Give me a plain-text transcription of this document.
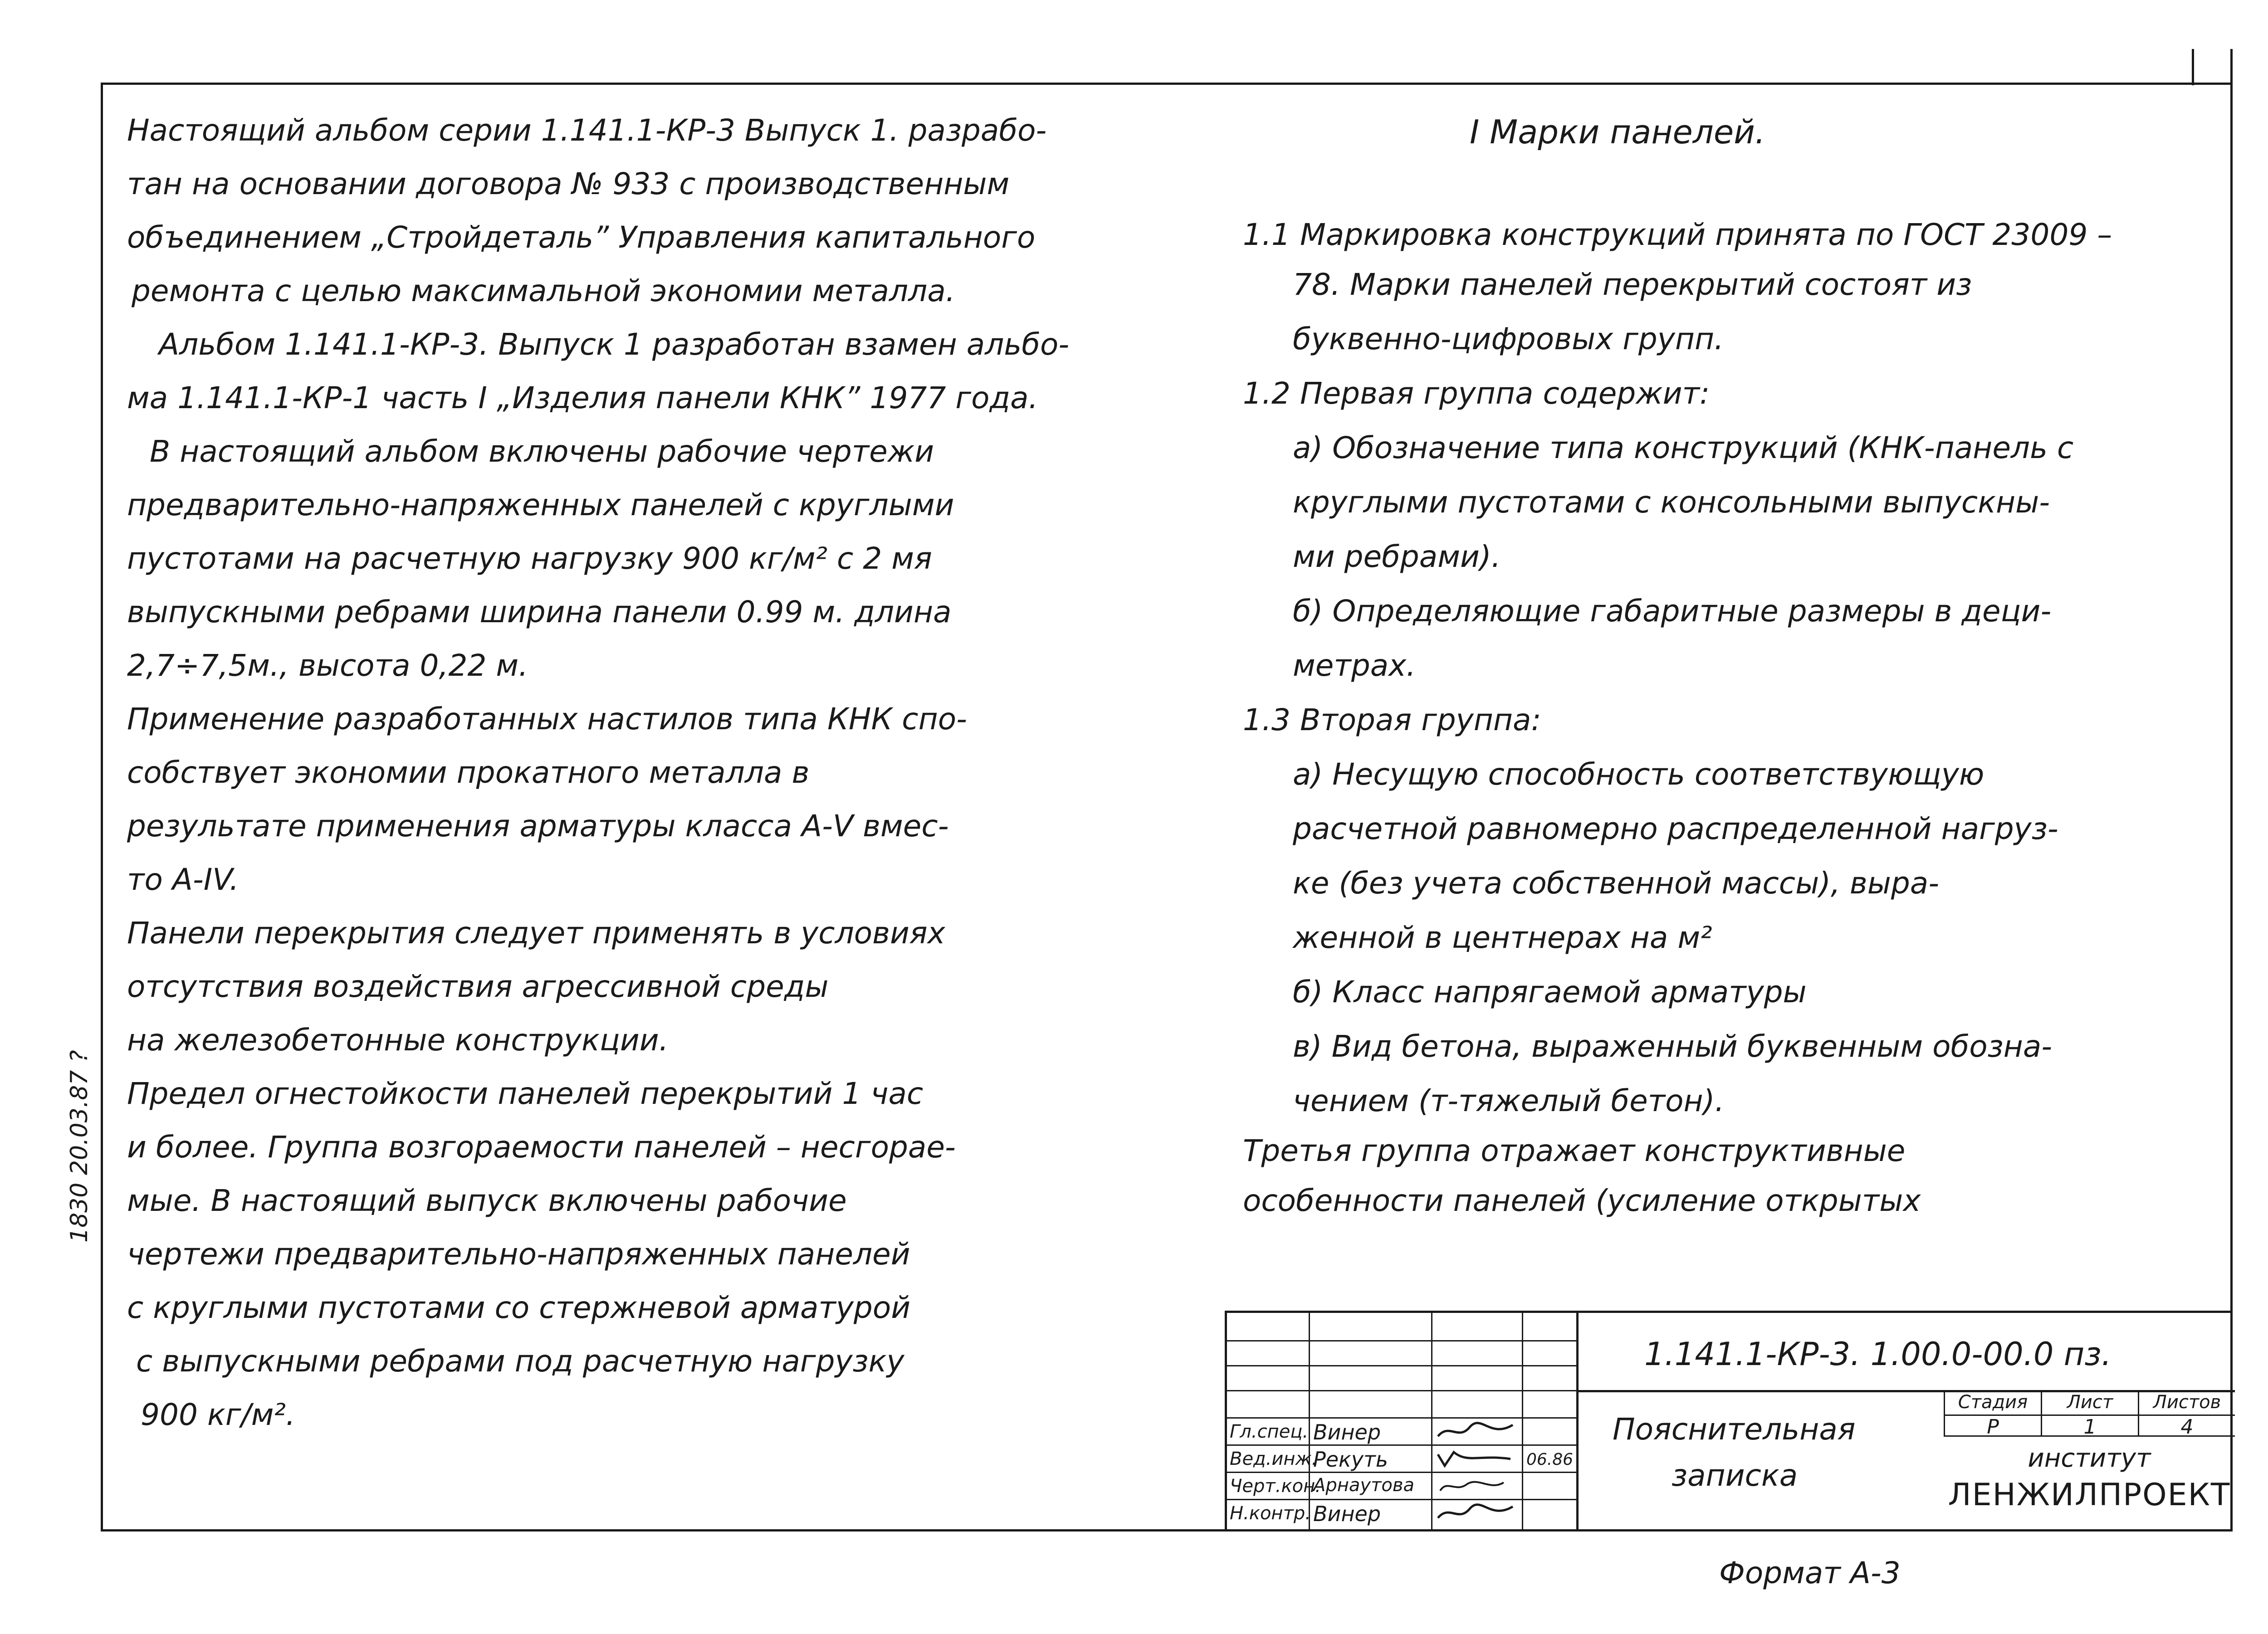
Настоящий альбом серии 1.141.1-КР-3 Выпуск 1. разрабо-
тан на основании договора № 933 с производственным
объединением „Стройдеталь” Управления капитального
ремонта с целью максимальной экономии металла.
Альбом 1.141.1-КР-3. Выпуск 1 разработан взамен альбо-
ма 1.141.1-КР-1 часть I „Изделия панели КНК” 1977 года.
В настоящий альбом включены рабочие чертежи
предварительно-напряженных панелей с круглыми
пустотами на расчетную нагрузку 900 кг/м² с 2 мя
выпускными ребрами ширина панели 0.99 м. длина
2,7÷7,5м., высота 0,22 м.
Применение разработанных настилов типа КНК спо-
собствует экономии прокатного металла в
результате применения арматуры класса А-V вмес-
то А-IV.
Панели перекрытия следует применять в условиях
отсутствия воздействия агрессивной среды
на железобетонные конструкции.
Предел огнестойкости панелей перекрытий 1 час
и более. Группа возгораемости панелей – несгорае-
мые. В настоящий выпуск включены рабочие
чертежи предварительно-напряженных панелей
с круглыми пустотами со стержневой арматурой
с выпускными ребрами под расчетную нагрузку
900 кг/м².
I Марки панелей.
1.1 Маркировка конструкций принята по ГОСТ 23009 –
78. Марки панелей перекрытий состоят из
буквенно-цифровых групп.
1.2 Первая группа содержит:
а) Обозначение типа конструкций (КНК-панель с
круглыми пустотами с консольными выпускны-
ми ребрами).
б) Определяющие габаритные размеры в деци-
метрах.
1.3 Вторая группа:
а) Несущую способность соответствующую
расчетной равномерно распределенной нагруз-
ке (без учета собственной массы), выра-
женной в центнерах на м²
б) Класс напрягаемой арматуры
в) Вид бетона, выраженный буквенным обозна-
чением (т-тяжелый бетон).
Третья группа отражает конструктивные
особенности панелей (усиление открытых
Гл.спец. Винер
Вед.инж.
Рекуть	06.86
Черт.кон.
Арнаутова
Н.контр. Винер
1.141.1-КР-3. 1.00.0-00.0 пз.
Пояснительная
записка
Стадия
Р
Лист
1
Листов
4
институт
ЛЕНЖИЛПРОЕКТ
Формат А-3
1830 20.03.87 ?
